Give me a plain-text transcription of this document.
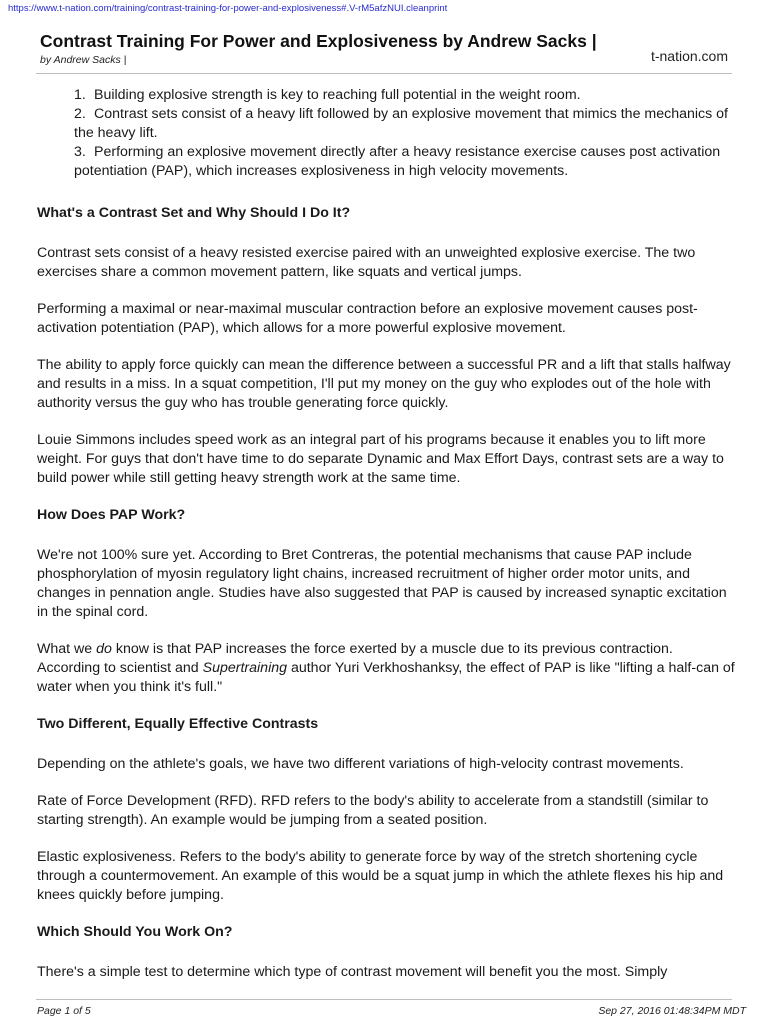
https://www.t-nation.com/training/contrast-training-for-power-and-explosiveness#.V-rM5afzNUI.cleanprint
Contrast Training For Power and Explosiveness by Andrew Sacks |
by Andrew Sacks |	t-nation.com
1. Building explosive strength is key to reaching full potential in the weight room.
2. Contrast sets consist of a heavy lift followed by an explosive movement that mimics the mechanics of the heavy lift.
3. Performing an explosive movement directly after a heavy resistance exercise causes post activation potentiation (PAP), which increases explosiveness in high velocity movements.
What's a Contrast Set and Why Should I Do It?

Contrast sets consist of a heavy resisted exercise paired with an unweighted explosive exercise. The two exercises share a common movement pattern, like squats and vertical jumps.

Performing a maximal or near-maximal muscular contraction before an explosive movement causes post-activation potentiation (PAP), which allows for a more powerful explosive movement.

The ability to apply force quickly can mean the difference between a successful PR and a lift that stalls halfway and results in a miss. In a squat competition, I'll put my money on the guy who explodes out of the hole with authority versus the guy who has trouble generating force quickly.

Louie Simmons includes speed work as an integral part of his programs because it enables you to lift more weight. For guys that don't have time to do separate Dynamic and Max Effort Days, contrast sets are a way to build power while still getting heavy strength work at the same time.

How Does PAP Work?

We're not 100% sure yet. According to Bret Contreras, the potential mechanisms that cause PAP include phosphorylation of myosin regulatory light chains, increased recruitment of higher order motor units, and changes in pennation angle. Studies have also suggested that PAP is caused by increased synaptic excitation in the spinal cord.

What we do know is that PAP increases the force exerted by a muscle due to its previous contraction. According to scientist and Supertraining author Yuri Verkhoshanksy, the effect of PAP is like "lifting a half-can of water when you think it's full."

Two Different, Equally Effective Contrasts

Depending on the athlete's goals, we have two different variations of high-velocity contrast movements.

Rate of Force Development (RFD). RFD refers to the body's ability to accelerate from a standstill (similar to starting strength). An example would be jumping from a seated position.

Elastic explosiveness. Refers to the body's ability to generate force by way of the stretch shortening cycle through a countermovement. An example of this would be a squat jump in which the athlete flexes his hip and knees quickly before jumping.

Which Should You Work On?

There's a simple test to determine which type of contrast movement will benefit you the most. Simply

Page 1 of 5	Sep 27, 2016 01:48:34PM MDT
